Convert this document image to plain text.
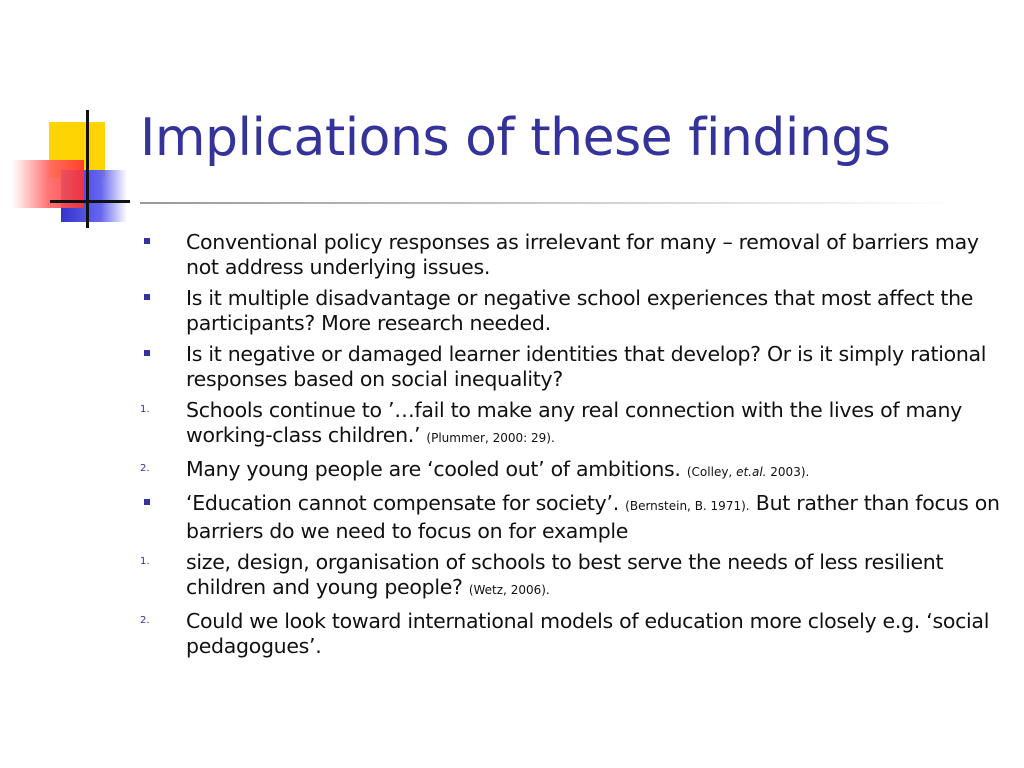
Implications of these findings
Conventional policy responses as irrelevant for many – removal of barriers may not address underlying issues.
Is it multiple disadvantage or negative school experiences that most affect the participants? More research needed.
Is it negative or damaged learner identities that develop? Or is it simply rational responses based on social inequality?
1.	Schools continue to ’…fail to make any real connection with the lives of many working-class children.’ (Plummer, 2000: 29).
2.	Many young people are ‘cooled out’ of ambitions. (Colley, et.al. 2003).
‘Education cannot compensate for society’. (Bernstein, B. 1971). But rather than focus on barriers do we need to focus on for example
1.	size, design, organisation of schools to best serve the needs of less resilient children and young people? (Wetz, 2006).
2.	Could we look toward international models of education more closely e.g. ‘social pedagogues’.
